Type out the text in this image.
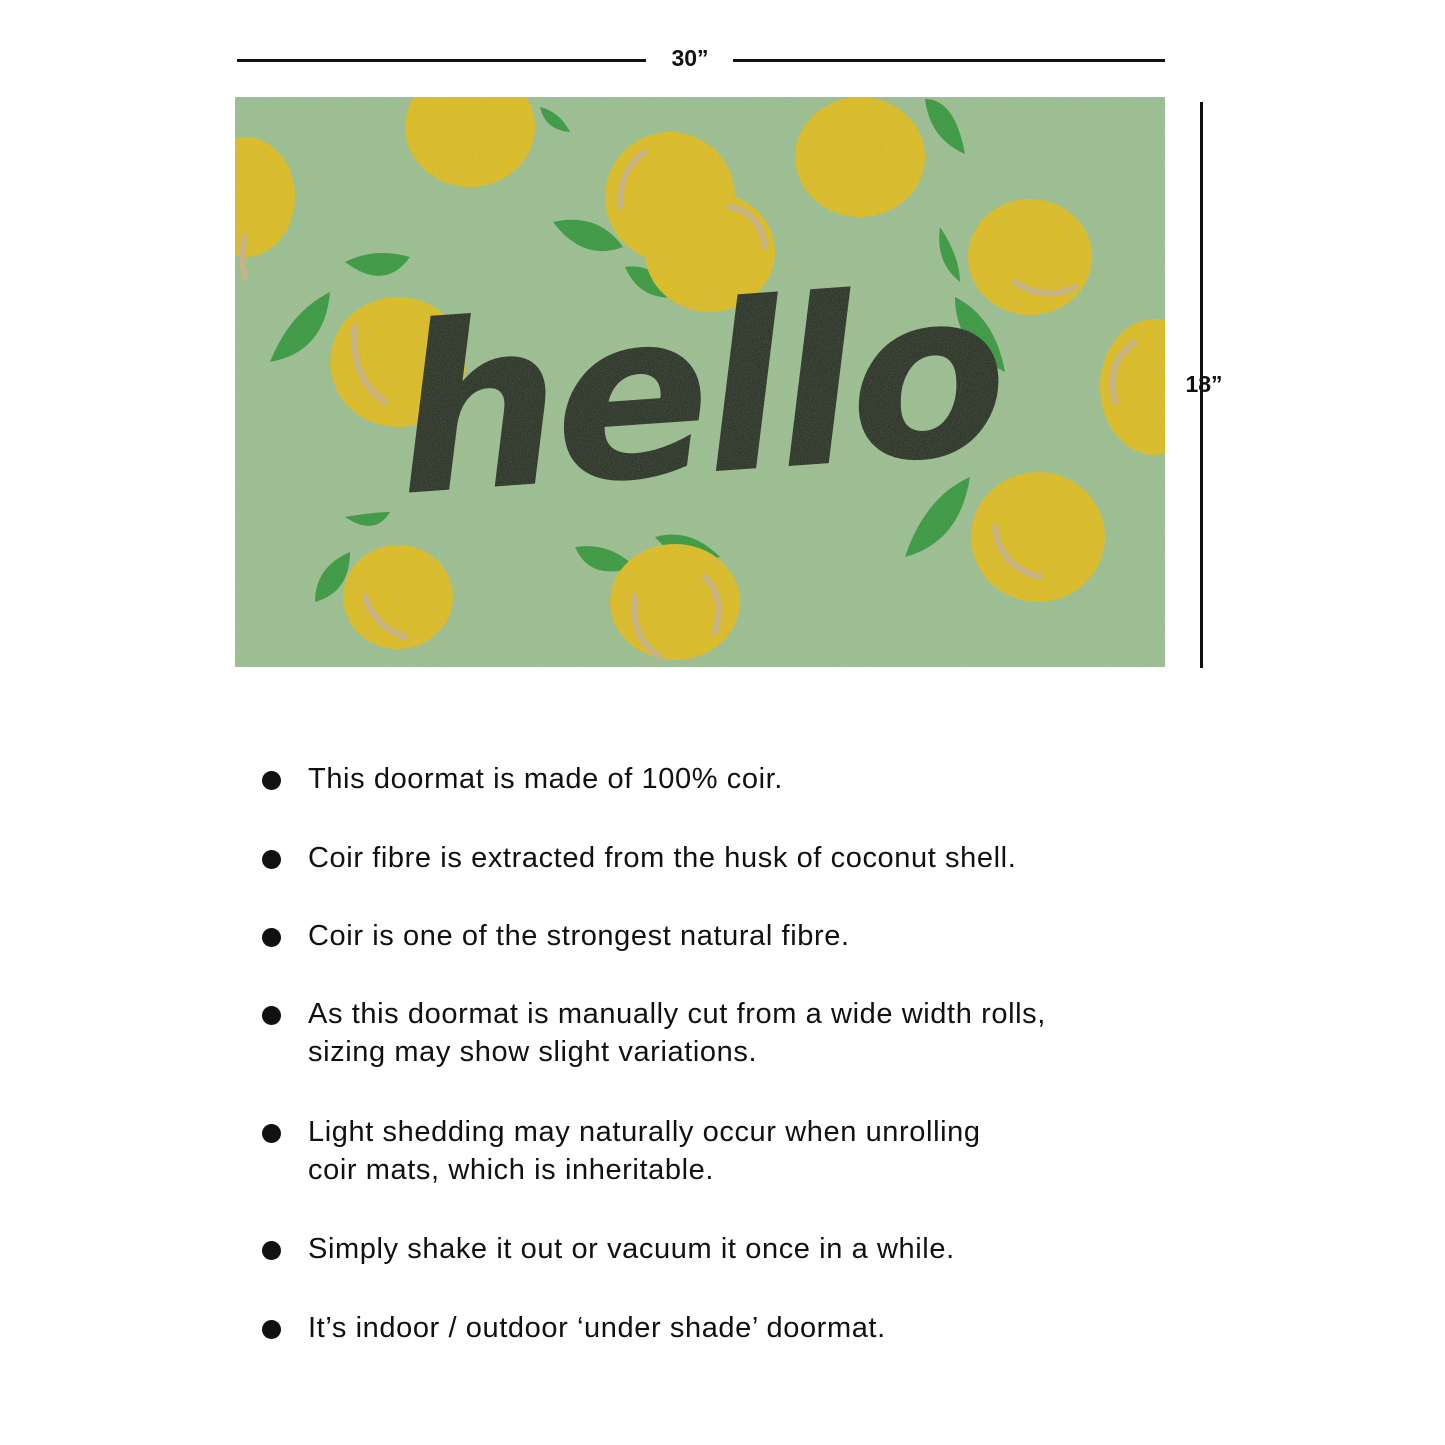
30”
18”
This doormat is made of 100% coir.
Coir fibre is extracted from the husk of coconut shell.
Coir is one of the strongest natural fibre.
As this doormat is manually cut from a wide width rolls,
sizing may show slight variations.
Light shedding may naturally occur when unrolling
coir mats, which is inheritable.
Simply shake it out or vacuum it once in a while.
It’s indoor / outdoor ‘under shade’ doormat.
